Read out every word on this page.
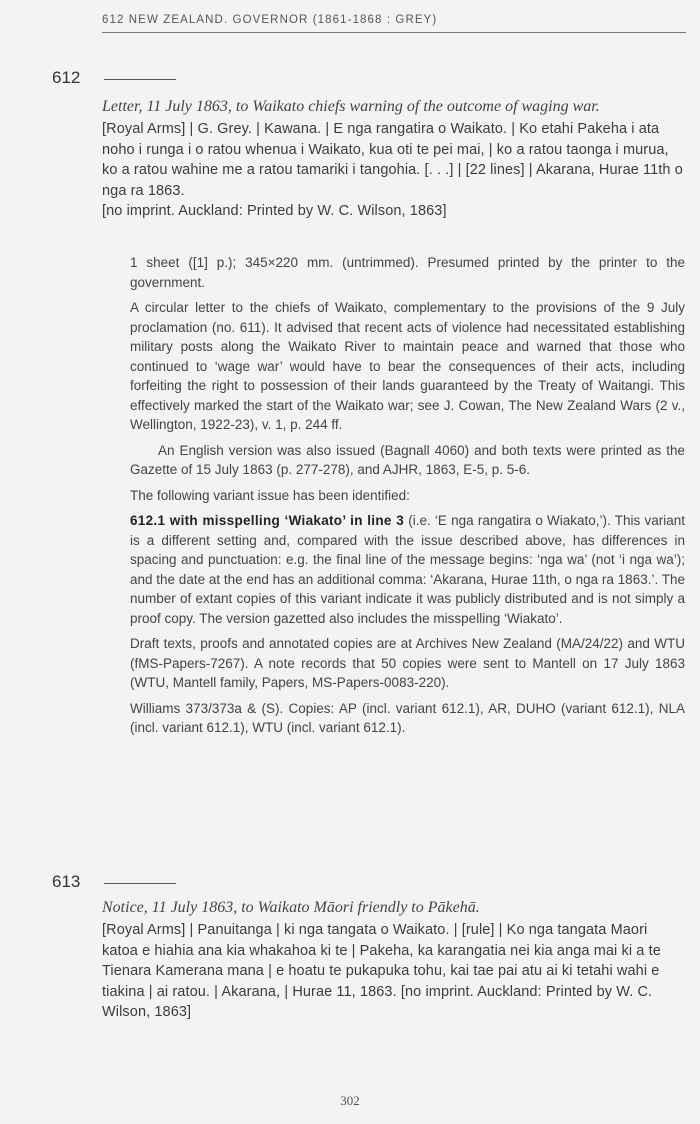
612 NEW ZEALAND. GOVERNOR (1861-1868 : GREY)
612

Letter, 11 July 1863, to Waikato chiefs warning of the outcome of waging war.

[Royal Arms] | G. Grey. | Kawana. | E nga rangatira o Waikato. | Ko etahi Pakeha i ata noho i runga i o ratou whenua i Waikato, kua oti te pei mai, | ko a ratou taonga i murua, ko a ratou wahine me a ratou tamariki i tangohia. [. . .] | [22 lines] | Akarana, Hurae 11th o nga ra 1863.

[no imprint. Auckland: Printed by W. C. Wilson, 1863]

1 sheet ([1] p.); 345×220 mm. (untrimmed). Presumed printed by the printer to the government.

A circular letter to the chiefs of Waikato, complementary to the provisions of the 9 July proclamation (no. 611). It advised that recent acts of violence had necessitated establishing military posts along the Waikato River to maintain peace and warned that those who continued to ‘wage war’ would have to bear the consequences of their acts, including forfeiting the right to possession of their lands guaranteed by the Treaty of Waitangi. This effectively marked the start of the Waikato war; see J. Cowan, The New Zealand Wars (2 v., Wellington, 1922-23), v. 1, p. 244 ff.

An English version was also issued (Bagnall 4060) and both texts were printed as the Gazette of 15 July 1863 (p. 277-278), and AJHR, 1863, E-5, p. 5-6.

The following variant issue has been identified:

612.1 with misspelling ‘Wiakato’ in line 3 (i.e. ‘E nga rangatira o Wiakato,’). This variant is a different setting and, compared with the issue described above, has differences in spacing and punctuation: e.g. the final line of the message begins: ‘nga wa’ (not ‘i nga wa’); and the date at the end has an additional comma: ‘Akarana, Hurae 11th, o nga ra 1863.’. The number of extant copies of this variant indicate it was publicly distributed and is not simply a proof copy. The version gazetted also includes the misspelling ‘Wiakato’.

Draft texts, proofs and annotated copies are at Archives New Zealand (MA/24/22) and WTU (fMS-Papers-7267). A note records that 50 copies were sent to Mantell on 17 July 1863 (WTU, Mantell family, Papers, MS-Papers-0083-220).

Williams 373/373a & (S). Copies: AP (incl. variant 612.1), AR, DUHO (variant 612.1), NLA (incl. variant 612.1), WTU (incl. variant 612.1).

613

Notice, 11 July 1863, to Waikato Māori friendly to Pākehā.

[Royal Arms] | Panuitanga | ki nga tangata o Waikato. | [rule] | Ko nga tangata Maori katoa e hiahia ana kia whakahoa ki te | Pakeha, ka karangatia nei kia anga mai ki a te Tienara Kamerana mana | e hoatu te pukapuka tohu, kai tae pai atu ai ki tetahi wahi e tiakina | ai ratou. | Akarana, | Hurae 11, 1863. [no imprint. Auckland: Printed by W. C. Wilson, 1863]

302
